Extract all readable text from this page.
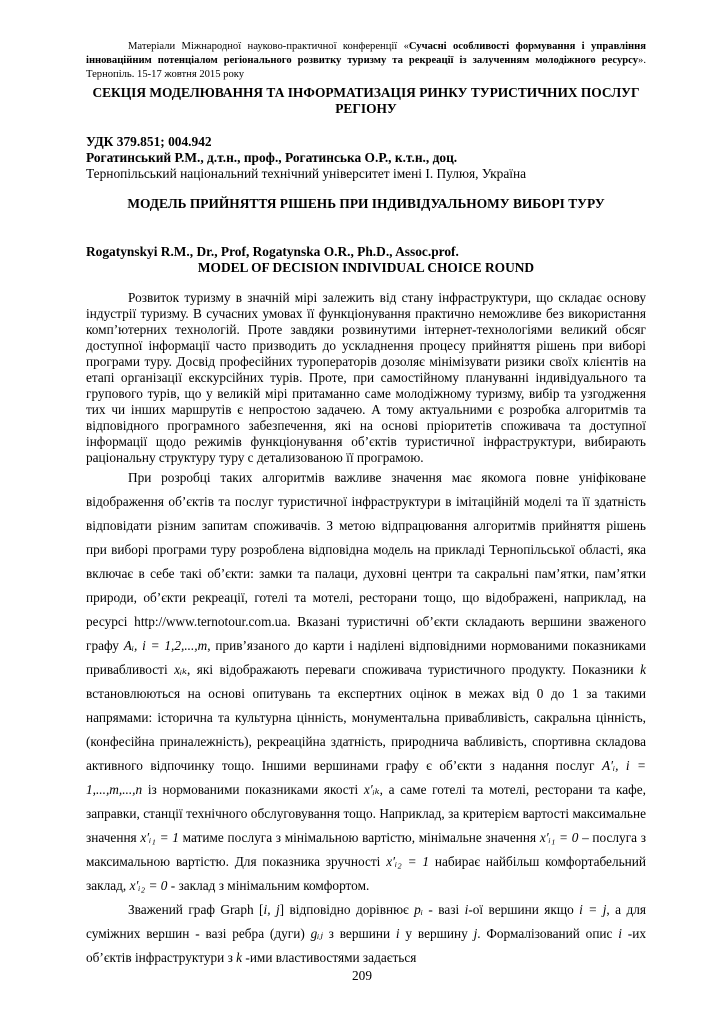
Матеріали Міжнародної науково-практичної конференції «Сучасні особливості формування і управління інноваційним потенціалом регіонального розвитку туризму та рекреації із залученням молодіжного ресурсу». Тернопіль. 15-17 жовтня 2015 року
СЕКЦІЯ МОДЕЛЮВАННЯ ТА ІНФОРМАТИЗАЦІЯ РИНКУ ТУРИСТИЧНИХ ПОСЛУГ РЕГІОНУ
УДК 379.851; 004.942
Рогатинський Р.М., д.т.н., проф., Рогатинська О.Р., к.т.н., доц.
Тернопільський національний технічний університет імені І. Пулюя, Україна
МОДЕЛЬ ПРИЙНЯТТЯ РІШЕНЬ ПРИ ІНДИВІДУАЛЬНОМУ ВИБОРІ ТУРУ
Rogatynskyi R.M., Dr., Prof, Rogatynska O.R., Ph.D., Assoc.prof.
MODEL OF DECISION INDIVIDUAL CHOICE ROUND

Розвиток туризму в значній мірі залежить від стану інфраструктури, що складає основу індустрії туризму. В сучасних умовах її функціонування практично неможливе без використання комп’ютерних технологій. Проте завдяки розвинутими інтернет-технологіями великий обсяг доступної інформації часто призводить до ускладнення процесу прийняття рішень при виборі програми туру. Досвід професійних туроператорів дозоляє мінімізувати ризики своїх клієнтів на етапі організації екскурсійних турів. Проте, при самостійному плануванні індивідуального та групового турів, що у великій мірі притаманно саме молодіжному туризму, вибір та узгодження тих чи інших маршрутів є непростою задачею. А тому актуальними є розробка алгоритмів та відповідного програмного забезпечення, які на основі пріоритетів споживача та доступної інформації щодо режимів функціонування об’єктів туристичної інфраструктури, вибирають раціональну структуру туру с детализованою її програмою.

При розробці таких алгоритмів важливе значення має якомога повне уніфіковане відображення об’єктів та послуг туристичної інфраструктури в імітаційній моделі та її здатність відповідати різним запитам споживачів. З метою відпрацювання алгоритмів прийняття рішень при виборі програми туру розроблена відповідна модель на прикладі Тернопільської області, яка включає в себе такі об’єкти: замки та палаци, духовні центри та сакральні пам’ятки, пам’ятки природи, об’єкти рекреації, готелі та мотелі, ресторани тощо, що відображені, наприклад, на ресурсі http://www.ternotour.com.ua. Вказані туристичні об’єкти складають вершини зваженого графу Aᵢ, i = 1,2,...,m, прив’язаного до карти і наділені відповідними нормованими показниками привабливості xᵢₖ, які відображають переваги споживача туристичного продукту. Показники k встановлюються на основі опитувань та експертних оцінок в межах від 0 до 1 за такими напрямами: історична та культурна цінність, монументальна привабливість, сакральна цінність, (конфесійна приналежність), рекреаційна здатність, природнича вабливість, спортивна складова активного відпочинку тощо. Іншими вершинами графу є об’єкти з надання послуг A′ᵢ, i = 1,...,m,...,n із нормованими показниками якості x′ᵢₖ, а саме готелі та мотелі, ресторани та кафе, заправки, станції технічного обслуговування тощо. Наприклад, за критерієм вартості максимальне значення x′ᵢ₁ = 1 матиме послуга з мінімальною вартістю, мінімальне значення x′ᵢ₁ = 0 – послуга з максимальною вартістю. Для показника зручності x′ᵢ₂ = 1 набирає найбільш комфортабельний заклад, x′ᵢ₂ = 0 - заклад з мінімальним комфортом.

Зважений граф Graph [i, j] відповідно дорівнює pᵢ - вазі i-ої вершини якщо i = j, а для суміжних вершин - вазі ребра (дуги) gᵢⱼ з вершини i у вершину j. Формалізований опис i -их об’єктів інфраструктури з k -ими властивостями задається

209
